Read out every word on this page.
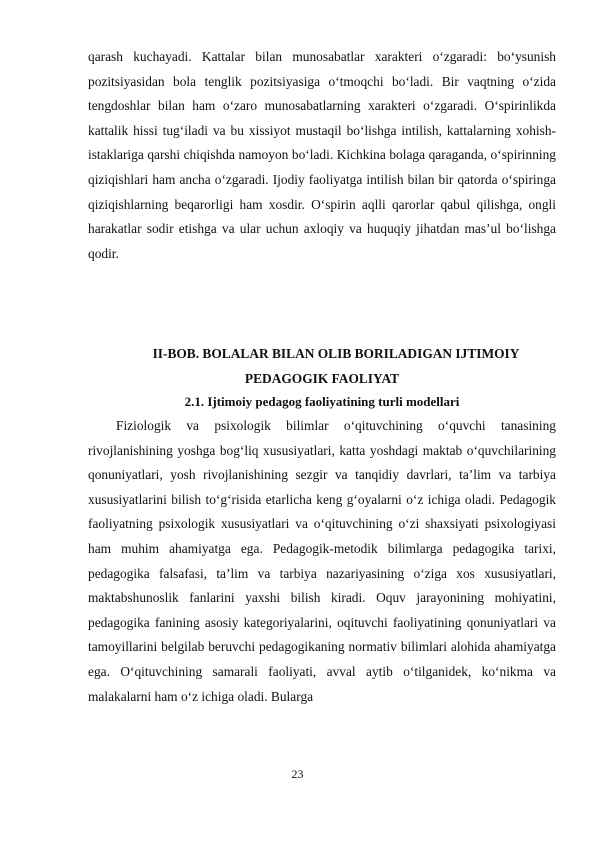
qarash kuchayadi. Kattalar bilan munosabatlar xarakteri o‘zgaradi: bo‘ysunish pozitsiyasidan bola tenglik pozitsiyasiga o‘tmoqchi bo‘ladi. Bir vaqtning o‘zida tengdoshlar bilan ham o‘zaro munosabatlarning xarakteri o‘zgaradi. O‘spirinlikda kattalik hissi tug‘iladi va bu xissiyot mustaqil bo‘lishga intilish, kattalarning xohish-istaklariga qarshi chiqishda namoyon bo‘ladi. Kichkina bolaga qaraganda, o‘spirinning qiziqishlari ham ancha o‘zgaradi. Ijodiy faoliyatga intilish bilan bir qatorda o‘spiringa qiziqishlarning beqarorligi ham xosdir. O‘spirin aqlli qarorlar qabul qilishga, ongli harakatlar sodir etishga va ular uchun axloqiy va huquqiy jihatdan mas’ul bo‘lishga qodir.

II-BOB. BOLALAR BILAN OLIB BORILADIGAN IJTIMOIY
PEDAGOGIK FAOLIYAT
2.1. Ijtimoiy pedagog faoliyatining turli modellari

Fiziologik va psixologik bilimlar o‘qituvchining o‘quvchi tanasining rivojlanishining yoshga bog‘liq xususiyatlari, katta yoshdagi maktab o‘quvchilarining qonuniyatlari, yosh rivojlanishining sezgir va tanqidiy davrlari, ta’lim va tarbiya xususiyatlarini bilish to‘g‘risida etarlicha keng g‘oyalarni o‘z ichiga oladi. Pedagogik faoliyatning psixologik xususiyatlari va o‘qituvchining o‘zi shaxsiyati psixologiyasi ham muhim ahamiyatga ega. Pedagogik-metodik bilimlarga pedagogika tarixi, pedagogika falsafasi, ta’lim va tarbiya nazariyasining o‘ziga xos xususiyatlari, maktabshunoslik fanlarini yaxshi bilish kiradi. Oquv jarayonining mohiyatini, pedagogika fanining asosiy kategoriyalarini, oqituvchi faoliyatining qonuniyatlari va tamoyillarini belgilab beruvchi pedagogikaning normativ bilimlari alohida ahamiyatga ega. O‘qituvchining samarali faoliyati, avval aytib o‘tilganidek, ko‘nikma va malakalarni ham o‘z ichiga oladi. Bularga

23
